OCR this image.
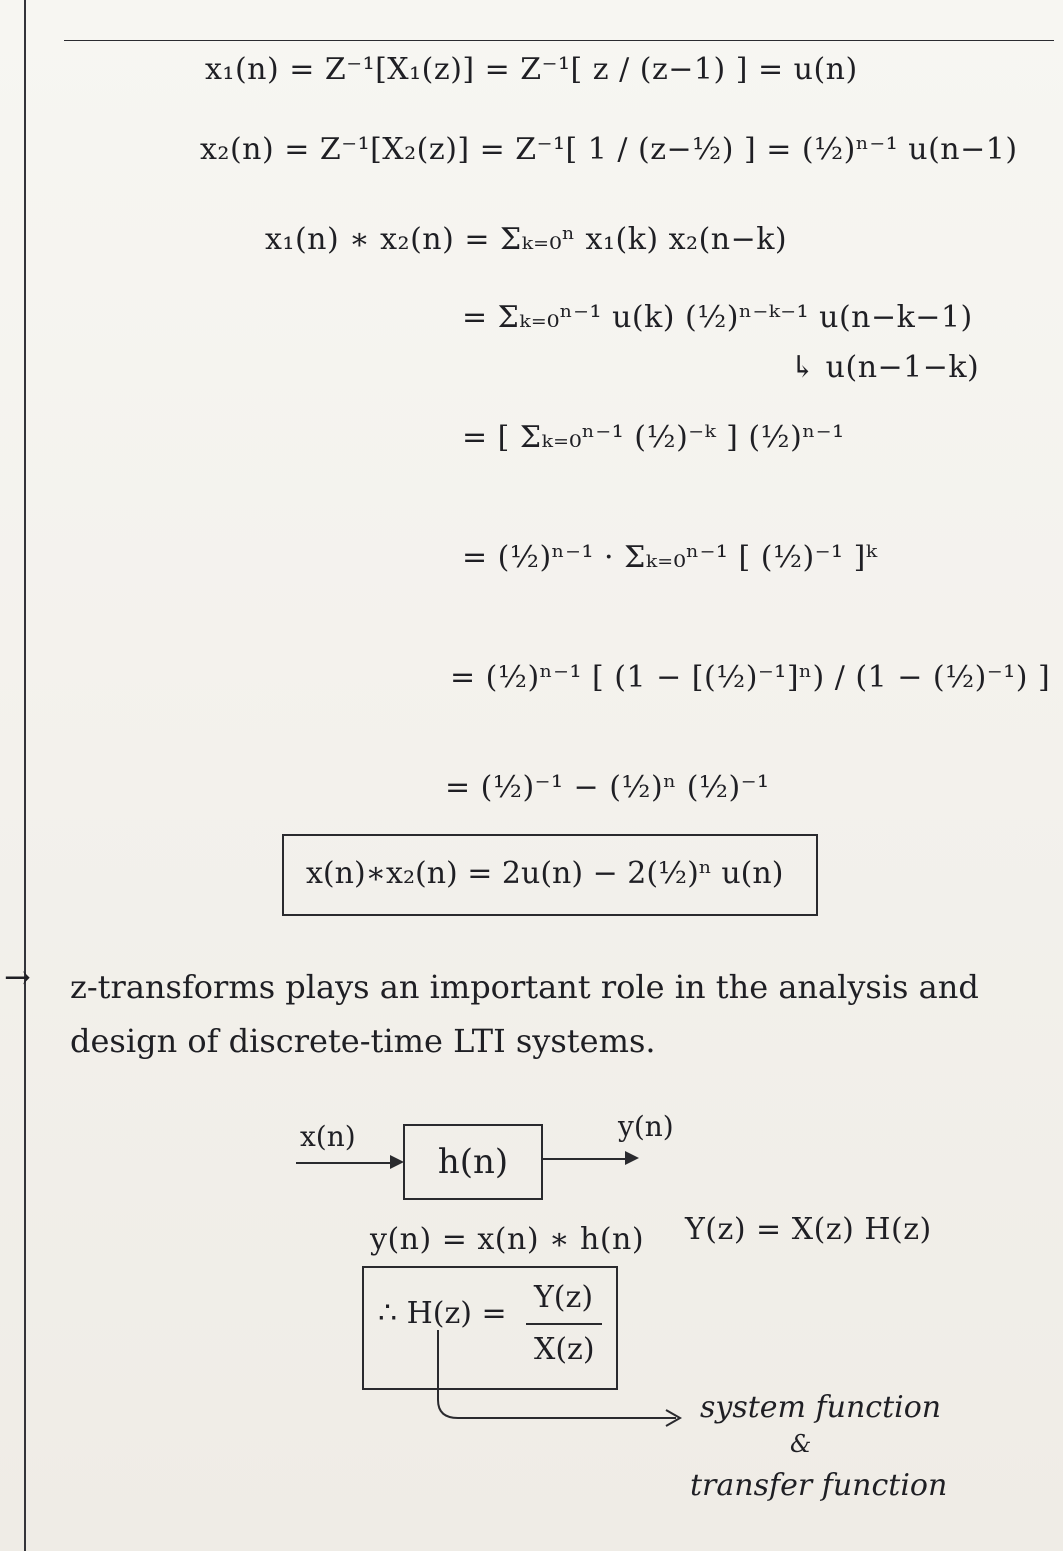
x₁(n) = Z⁻¹[X₁(z)] = Z⁻¹[ z / (z−1) ] = u(n)
x₂(n) = Z⁻¹[X₂(z)] = Z⁻¹[ 1 / (z−½) ] = (½)ⁿ⁻¹ u(n−1)
x₁(n) ∗ x₂(n) = Σₖ₌₀ⁿ x₁(k) x₂(n−k)
= Σₖ₌₀ⁿ⁻¹ u(k) (½)ⁿ⁻ᵏ⁻¹ u(n−k−1)
↳ u(n−1−k)
= [ Σₖ₌₀ⁿ⁻¹ (½)⁻ᵏ ] (½)ⁿ⁻¹
= (½)ⁿ⁻¹ · Σₖ₌₀ⁿ⁻¹ [ (½)⁻¹ ]ᵏ
= (½)ⁿ⁻¹ [ (1 − [(½)⁻¹]ⁿ) / (1 − (½)⁻¹) ]
= (½)⁻¹ − (½)ⁿ (½)⁻¹
x(n)∗x₂(n) = 2u(n) − 2(½)ⁿ u(n)
→ z-transforms plays an important role in the analysis and design of discrete-time LTI systems.
x(n)
h(n)
y(n)
y(n) = x(n) ∗ h(n) Y(z) = X(z) H(z)
∴ H(z) = Y(z)
X(z)
system function
&
transfer function
